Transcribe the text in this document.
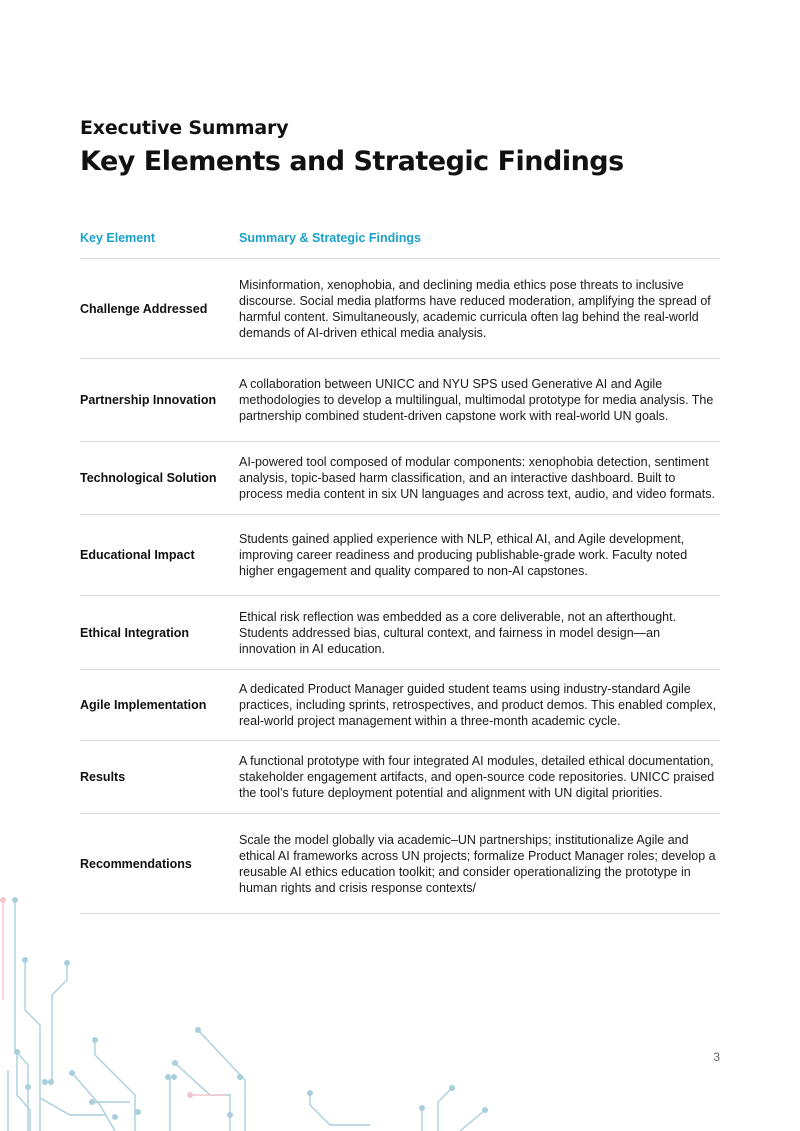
Executive Summary
Key Elements and Strategic Findings
Key Element	Summary & Strategic Findings
Challenge Addressed
Misinformation, xenophobia, and declining media ethics pose threats to inclusive discourse. Social media platforms have reduced moderation, amplifying the spread of harmful content. Simultaneously, academic curricula often lag behind the real-world demands of AI-driven ethical media analysis.
Partnership Innovation
A collaboration between UNICC and NYU SPS used Generative AI and Agile methodologies to develop a multilingual, multimodal prototype for media analysis. The partnership combined student-driven capstone work with real-world UN goals.
Technological Solution
AI-powered tool composed of modular components: xenophobia detection, sentiment analysis, topic-based harm classification, and an interactive dashboard. Built to process media content in six UN languages and across text, audio, and video formats.
Educational Impact
Students gained applied experience with NLP, ethical AI, and Agile development, improving career readiness and producing publishable-grade work. Faculty noted higher engagement and quality compared to non-AI capstones.
Ethical Integration
Ethical risk reflection was embedded as a core deliverable, not an afterthought. Students addressed bias, cultural context, and fairness in model design—an innovation in AI education.
Agile Implementation
A dedicated Product Manager guided student teams using industry-standard Agile practices, including sprints, retrospectives, and product demos. This enabled complex, real-world project management within a three-month academic cycle.
Results
A functional prototype with four integrated AI modules, detailed ethical documentation, stakeholder engagement artifacts, and open-source code repositories. UNICC praised the tool’s future deployment potential and alignment with UN digital priorities.
Recommendations
Scale the model globally via academic–UN partnerships; institutionalize Agile and ethical AI frameworks across UN projects; formalize Product Manager roles; develop a reusable AI ethics education toolkit; and consider operationalizing the prototype in human rights and crisis response contexts/
3
